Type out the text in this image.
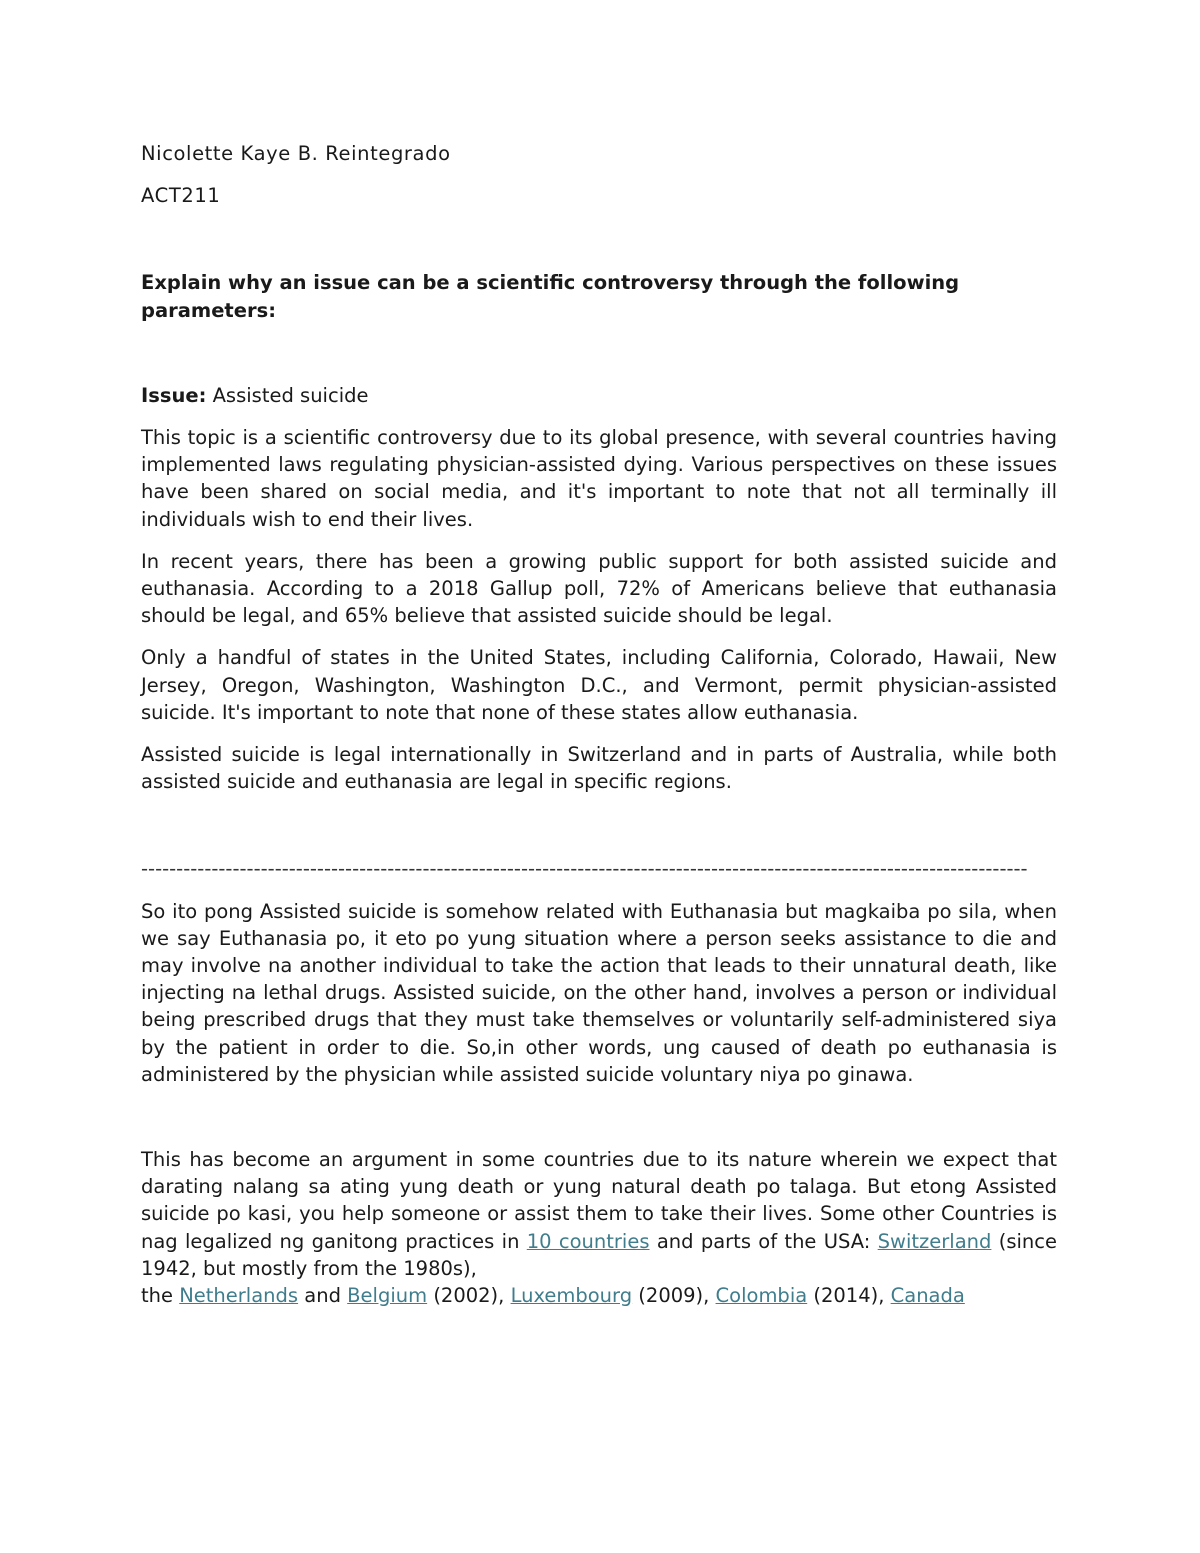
Nicolette Kaye B. Reintegrado

ACT211

Explain why an issue can be a scientific controversy through the following parameters:

Issue: Assisted suicide

This topic is a scientific controversy due to its global presence, with several countries having implemented laws regulating physician-assisted dying. Various perspectives on these issues have been shared on social media, and it's important to note that not all terminally ill individuals wish to end their lives.

In recent years, there has been a growing public support for both assisted suicide and euthanasia. According to a 2018 Gallup poll, 72% of Americans believe that euthanasia should be legal, and 65% believe that assisted suicide should be legal.

Only a handful of states in the United States, including California, Colorado, Hawaii, New Jersey, Oregon, Washington, Washington D.C., and Vermont, permit physician-assisted suicide. It's important to note that none of these states allow euthanasia.

Assisted suicide is legal internationally in Switzerland and in parts of Australia, while both assisted suicide and euthanasia are legal in specific regions.

------------------------------------------------------------------------------------------------------------------------------

So ito pong Assisted suicide is somehow related with Euthanasia but magkaiba po sila, when we say Euthanasia po, it eto po yung situation where a person seeks assistance to die and may involve na another individual to take the action that leads to their unnatural death, like injecting na lethal drugs. Assisted suicide, on the other hand, involves a person or individual being prescribed drugs that they must take themselves or voluntarily self-administered siya by the patient in order to die. So,in other words, ung caused of death po euthanasia is administered by the physician while assisted suicide voluntary niya po ginawa.

This has become an argument in some countries due to its nature wherein we expect that darating nalang sa ating yung death or yung natural death po talaga. But etong Assisted suicide po kasi, you help someone or assist them to take their lives. Some other Countries is nag legalized ng ganitong practices in 10 countries and parts of the USA: Switzerland (since 1942, but mostly from the 1980s),

the Netherlands and Belgium (2002), Luxembourg (2009), Colombia (2014), Canada
